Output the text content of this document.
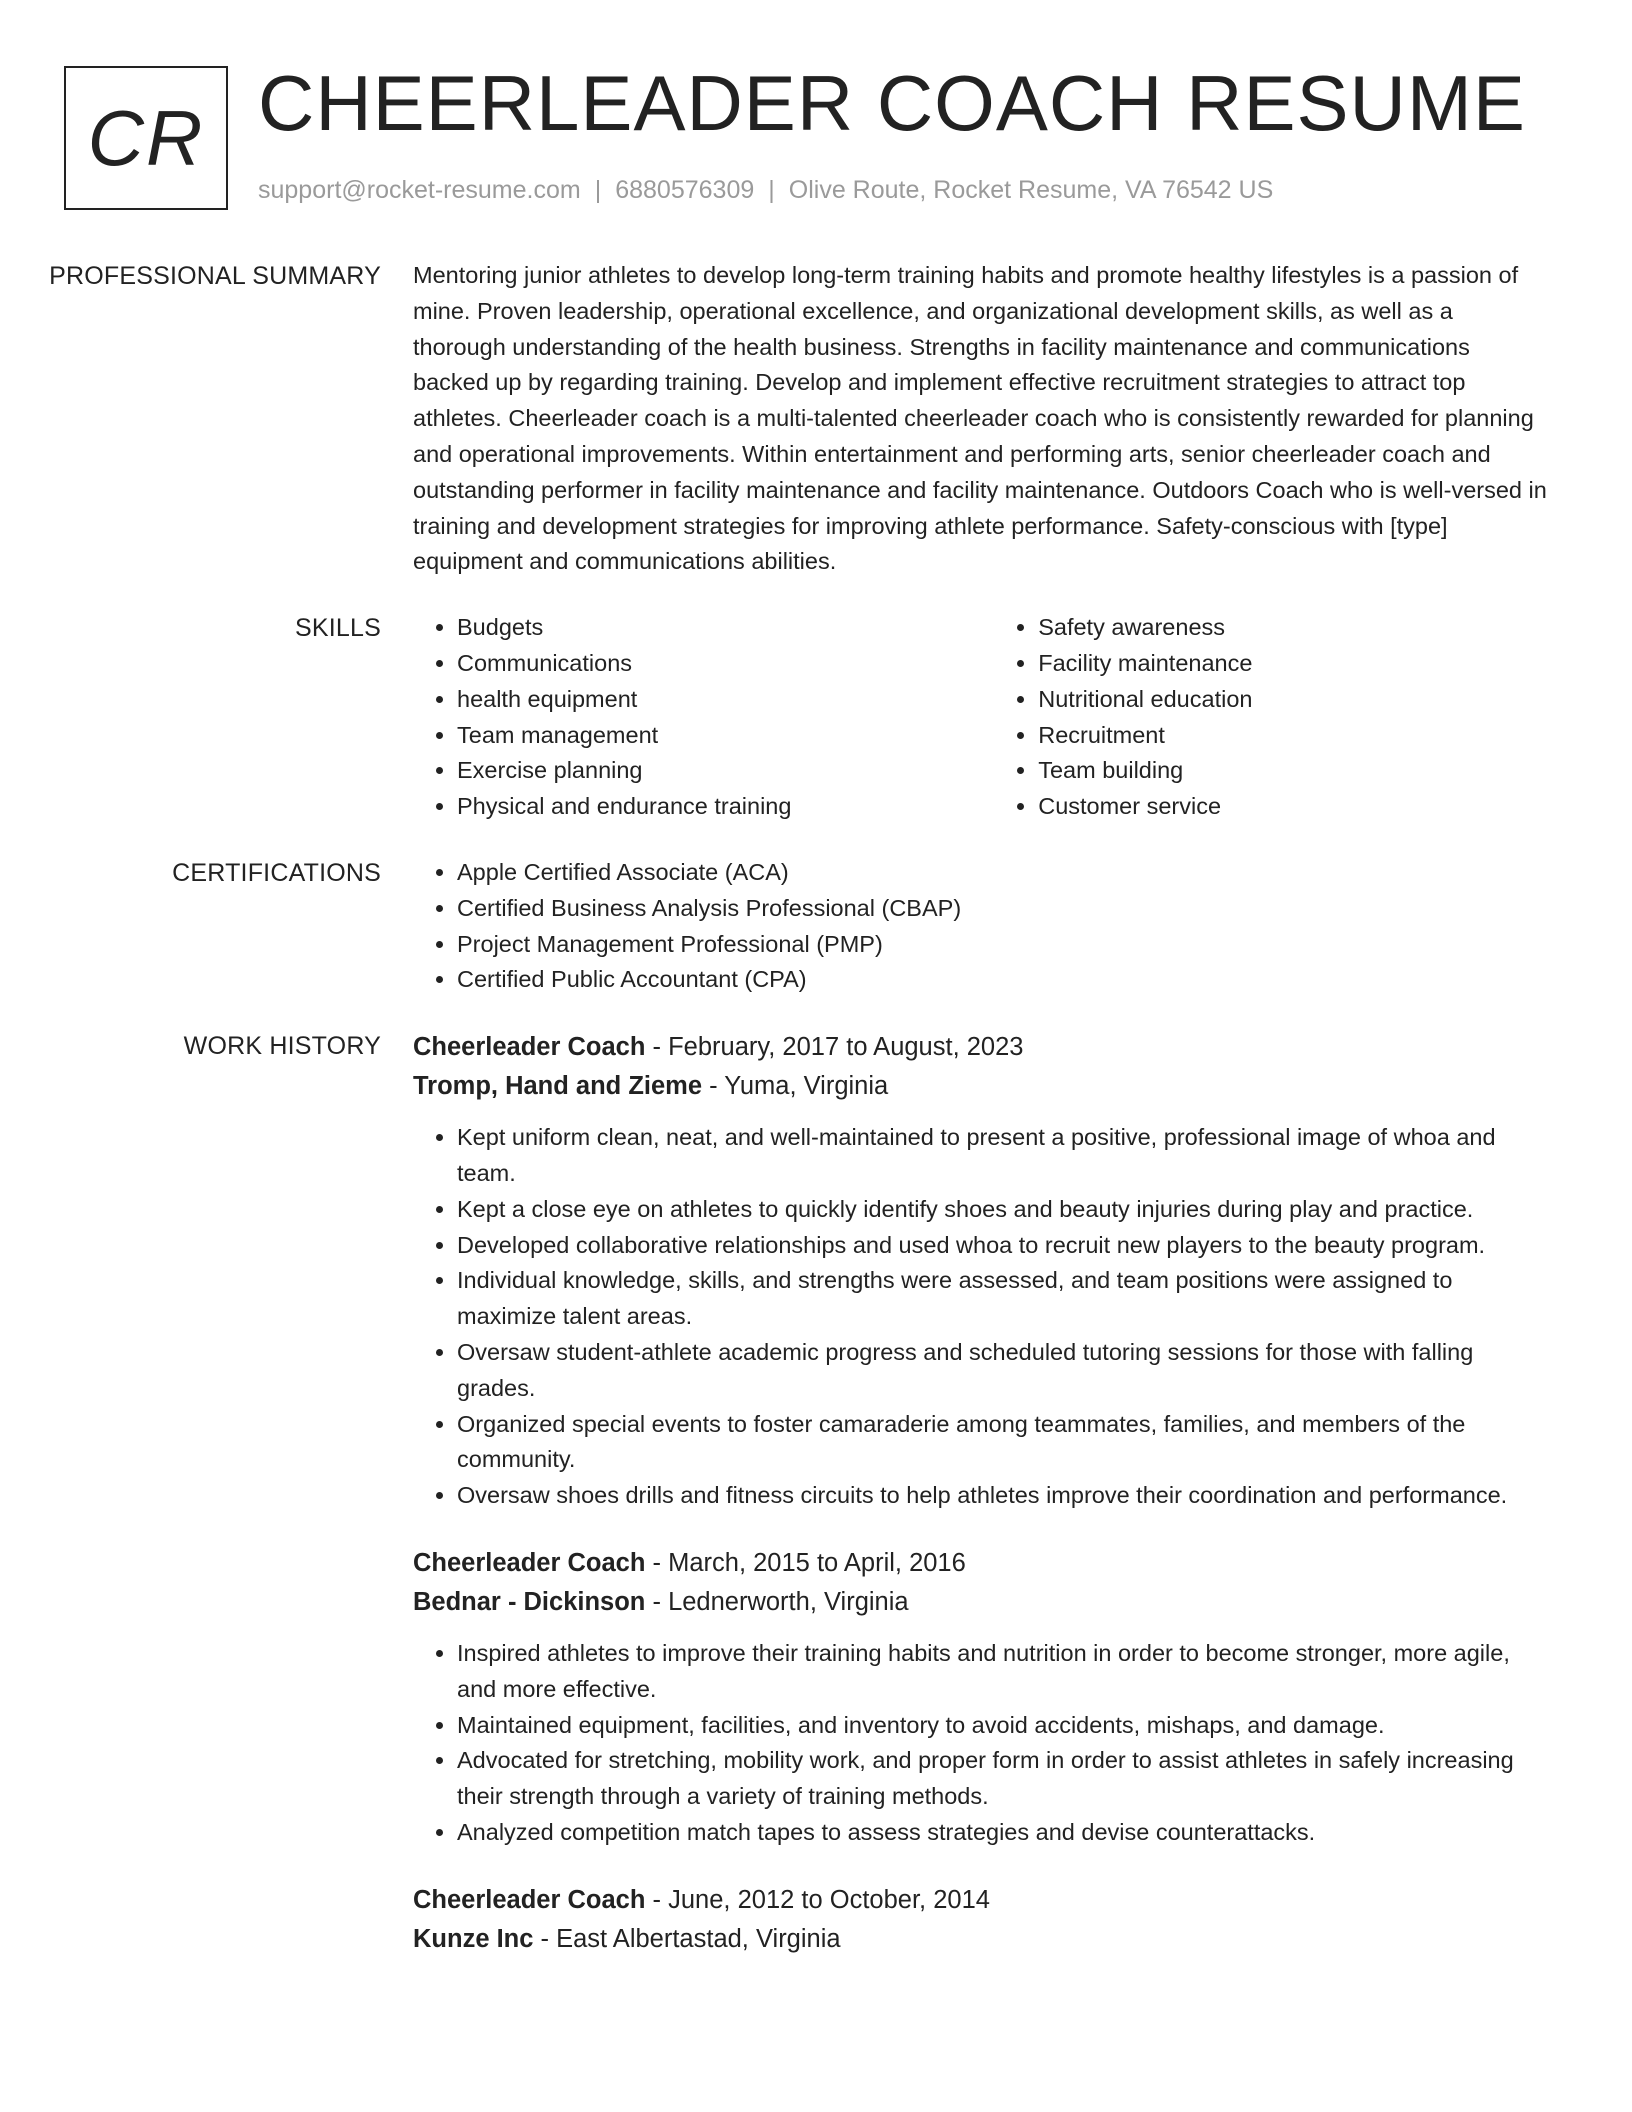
CR CHEERLEADER COACH RESUME
support@rocket-resume.com | 6880576309 | Olive Route, Rocket Resume, VA 76542 US
PROFESSIONAL SUMMARY	Mentoring junior athletes to develop long-term training habits and promote healthy lifestyles is a passion of mine. Proven leadership, operational excellence, and organizational development skills, as well as a thorough understanding of the health business. Strengths in facility maintenance and communications backed up by regarding training. Develop and implement effective recruitment strategies to attract top athletes. Cheerleader coach is a multi-talented cheerleader coach who is consistently rewarded for planning and operational improvements. Within entertainment and performing arts, senior cheerleader coach and outstanding performer in facility maintenance and facility maintenance. Outdoors Coach who is well-versed in training and development strategies for improving athlete performance. Safety-conscious with [type] equipment and communications abilities.

SKILLS	• Budgets
• Communications
• health equipment
• Team management
• Exercise planning
• Physical and endurance training
• Safety awareness
• Facility maintenance
• Nutritional education
• Recruitment
• Team building
• Customer service
CERTIFICATIONS	• Apple Certified Associate (ACA)
• Certified Business Analysis Professional (CBAP)
• Project Management Professional (PMP)
• Certified Public Accountant (CPA)
WORK HISTORY	Cheerleader Coach - February, 2017 to August, 2023
Tromp, Hand and Zieme - Yuma, Virginia
• Kept uniform clean, neat, and well-maintained to present a positive, professional image of whoa and team.
• Kept a close eye on athletes to quickly identify shoes and beauty injuries during play and practice.
• Developed collaborative relationships and used whoa to recruit new players to the beauty program.
• Individual knowledge, skills, and strengths were assessed, and team positions were assigned to maximize talent areas.
• Oversaw student-athlete academic progress and scheduled tutoring sessions for those with falling grades.
• Organized special events to foster camaraderie among teammates, families, and members of the community.
• Oversaw shoes drills and fitness circuits to help athletes improve their coordination and performance.
Cheerleader Coach - March, 2015 to April, 2016
Bednar - Dickinson - Lednerworth, Virginia
• Inspired athletes to improve their training habits and nutrition in order to become stronger, more agile, and more effective.
• Maintained equipment, facilities, and inventory to avoid accidents, mishaps, and damage.
• Advocated for stretching, mobility work, and proper form in order to assist athletes in safely increasing their strength through a variety of training methods.
• Analyzed competition match tapes to assess strategies and devise counterattacks.
Cheerleader Coach - June, 2012 to October, 2014
Kunze Inc - East Albertastad, Virginia
